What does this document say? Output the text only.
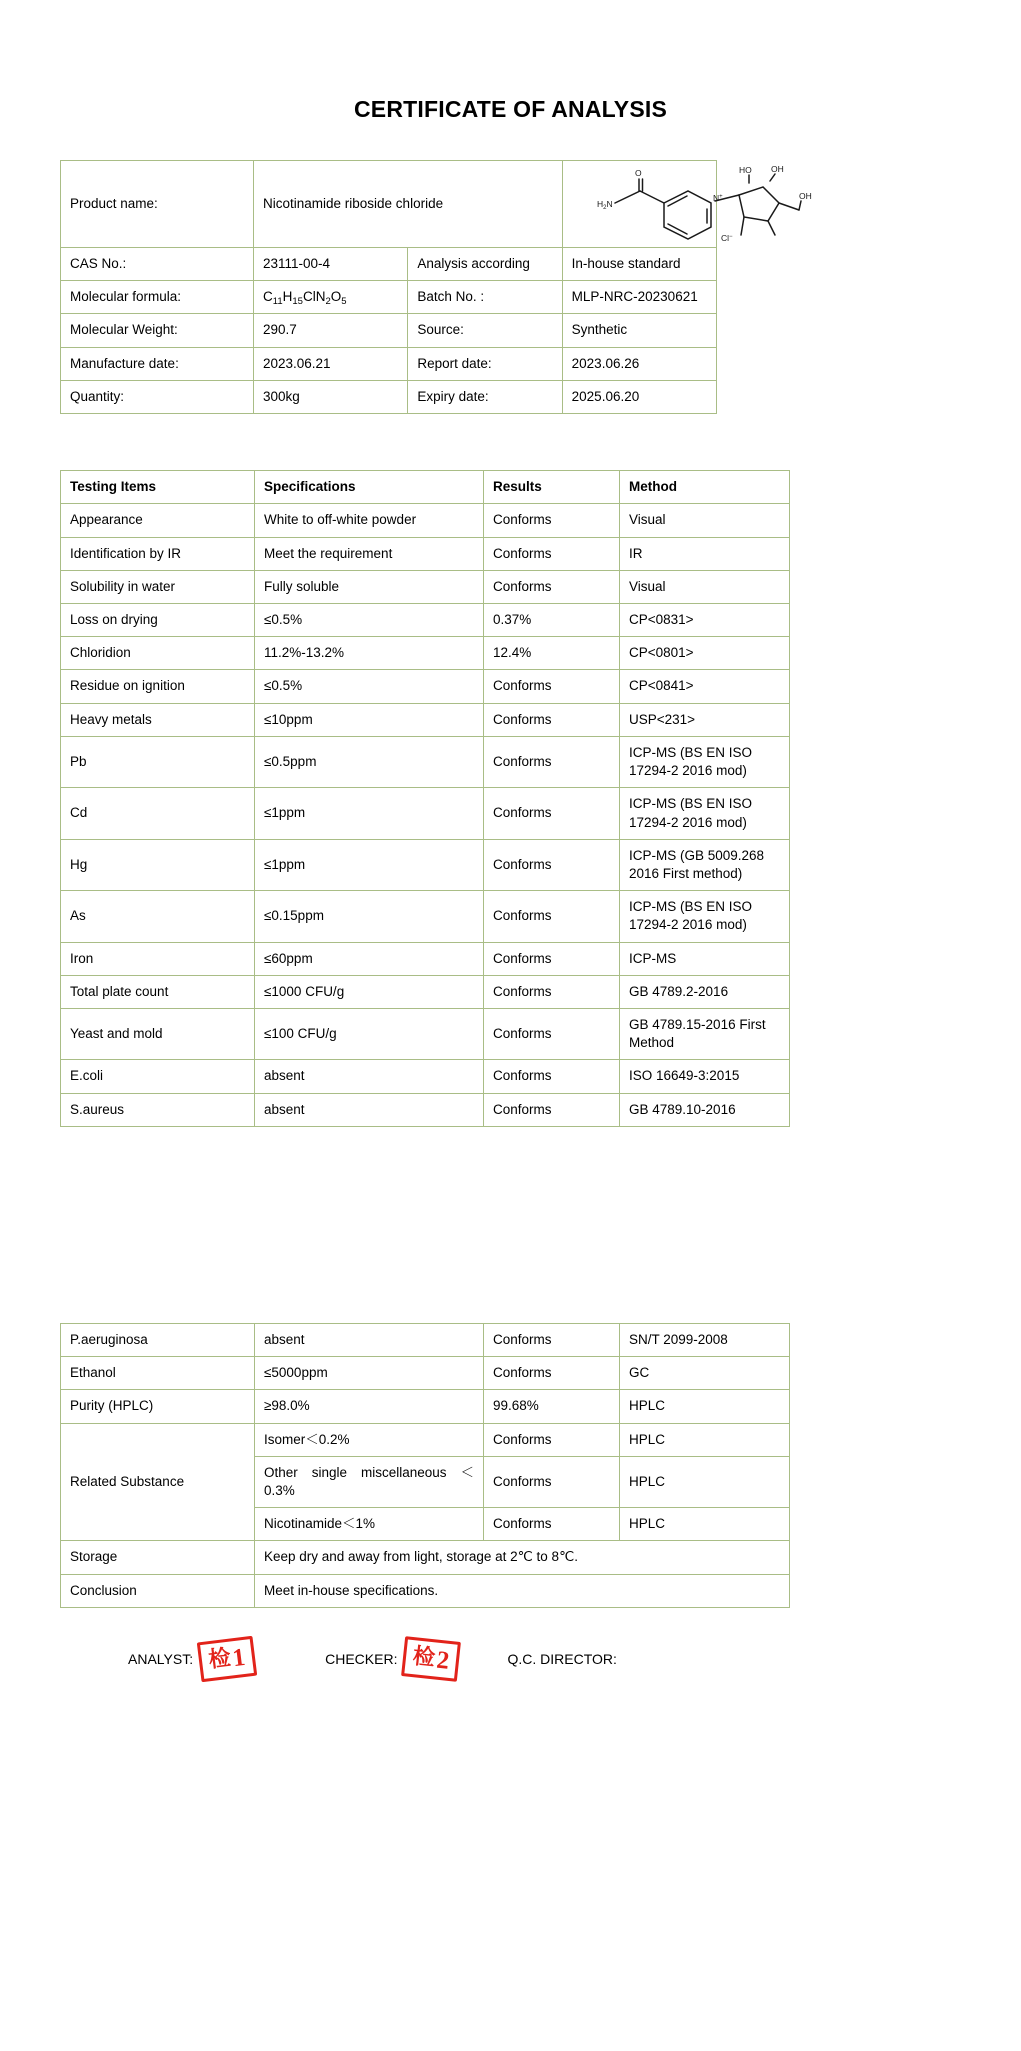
CERTIFICATE OF ANALYSIS
Product name:	Nicotinamide riboside chloride	$H_2N$
O
N+
HO OH
OH
Cl−

CAS No.:	23111-00-4	Analysis according	In-house standard
Molecular formula:	$C_{11}H_{15}ClN_2O_5$	Batch No. :	MLP-NRC-20230621
Molecular Weight:	290.7	Source:	Synthetic
Manufacture date:	2023.06.21	Report date:	2023.06.26
Quantity:	300kg	Expiry date:	2025.06.20
Testing Items	Specifications	Results	Method
Appearance	White to off-white powder	Conforms	Visual
Identification by IR	Meet the requirement	Conforms	IR
Solubility in water	Fully soluble	Conforms	Visual
Loss on drying	≤0.5%	0.37%	CP<0831>
Chloridion	11.2%-13.2%	12.4%	CP<0801>
Residue on ignition	≤0.5%	Conforms	CP<0841>
Heavy metals	≤10ppm	Conforms	USP<231>
Pb	≤0.5ppm	Conforms	ICP-MS (BS EN ISO 17294-2 2016 mod)
Cd	≤1ppm	Conforms	ICP-MS (BS EN ISO 17294-2 2016 mod)
Hg	≤1ppm	Conforms	ICP-MS (GB 5009.268 2016 First method)
As	≤0.15ppm	Conforms	ICP-MS (BS EN ISO 17294-2 2016 mod)
Iron	≤60ppm	Conforms	ICP-MS
Total plate count	≤1000 CFU/g	Conforms	GB 4789.2-2016
Yeast and mold	≤100 CFU/g	Conforms	GB 4789.15-2016 First Method
E.coli	absent	Conforms	ISO 16649-3:2015
S.aureus	absent	Conforms	GB 4789.10-2016
P.aeruginosa	absent	Conforms	SN/T 2099-2008
Ethanol	≤5000ppm	Conforms	GC
Purity (HPLC)	≥98.0%	99.68%	HPLC
Related Substance	Isomer＜0.2%	Conforms	HPLC
	Other single miscellaneous ＜ 0.3%	Conforms	HPLC
	Nicotinamide＜1%	Conforms	HPLC
Storage	Keep dry and away from light, storage at 2℃ to 8℃.		
Conclusion	Meet in-house specifications.		
ANALYST: 检
1	CHECKER: 检 2	Q.C. DIRECTOR:
